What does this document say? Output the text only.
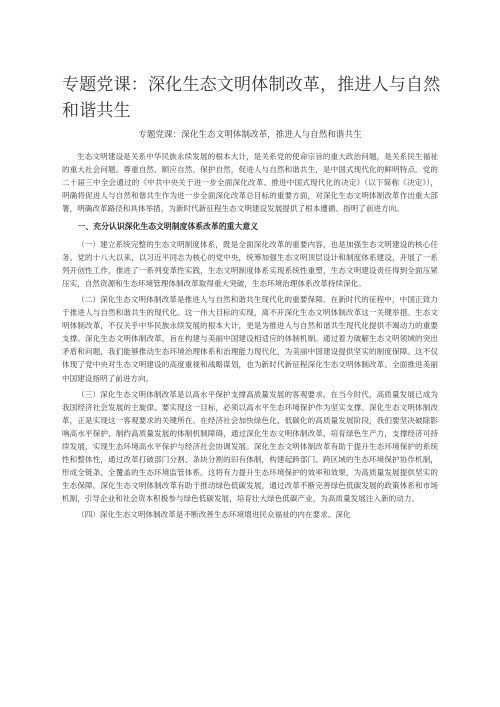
专题党课：深化生态文明体制改革，推进人与自然和谐共生
专题党课：深化生态文明体制改革，推进人与自然和谐共生

生态文明建设是关系中华民族永续发展的根本大计，是关系党的使命宗旨的重大政治问题，是关系民生福祉的重大社会问题。尊重自然、顺应自然、保护自然，促进人与自然和谐共生，是中国式现代化的鲜明特点。党的二十届三中全会通过的《中共中央关于进一步全面深化改革、推进中国式现代化的决定》（以下简称《决定》），明确将促进人与自然和谐共生作为进一步全面深化改革总目标的重要方面，对深化生态文明体制改革作出重大部署，明确改革路径和具体举措，为新时代新征程生态文明建设发展提供了根本遵循、指明了前进方向。

一、充分认识深化生态文明制度体系改革的重大意义

（一）建立系统完整的生态文明制度体系，既是全面深化改革的重要内容，也是加强生态文明建设的核心任务。党的十八大以来，以习近平同志为核心的党中央，统筹加强生态文明顶层设计和制度体系建设，开展了一系列开创性工作、推进了一系列变革性实践，生态文明制度体系实现系统性重塑，生态文明建设责任得到全面压紧压实，自然资源和生态环境管理体制改革取得重大突破，生态环境治理体系改革持续深化。

（二）深化生态文明体制改革是推进人与自然和谐共生现代化的重要保障。在新时代的征程中，中国正致力于推进人与自然和谐共生的现代化。这一伟大目标的实现，离不开深化生态文明体制改革这一关键举措。生态文明体制改革，不仅关乎中华民族永续发展的根本大计，更是为推进人与自然和谐共生现代化提供不竭动力的重要支撑。深化生态文明体制改革，旨在构建与美丽中国建设相适应的体制机制。通过着力破解生态文明领域的突出矛盾和问题，我们能够推动生态环境治理体系和治理能力现代化，为美丽中国建设提供坚实的制度保障。这不仅体现了党中央对生态文明建设的高度重视和战略谋划，也为新时代新征程深化生态文明体制改革、全面推进美丽中国建设指明了前进方向。

（三）深化生态文明体制改革是以高水平保护支撑高质量发展的客观要求。在当今时代，高质量发展已成为我国经济社会发展的主旋律。要实现这一目标，必须以高水平生态环境保护作为坚实支撑。深化生态文明体制改革，正是实现这一客观要求的关键所在。在经济社会加快绿色化、低碳化的高质量发展阶段，我们要坚决破除影响高水平保护、制约高质量发展的体制机制障碍，通过深化生态文明体制改革，培育绿色生产力，支撑经济可持续发展，实现生态环境高水平保护与经济社会协调发展。深化生态文明体制改革有助于提升生态环境保护的系统性和整体性，通过改革打破部门分割、条块分割的旧有体制，构建起跨部门、跨区域的生态环境保护协作机制，形成全链条、全覆盖的生态环境监管体系。这将有力提升生态环境保护的效率和效果，为高质量发展提供坚实的生态保障。深化生态文明体制改革有助于推动绿色低碳发展，通过改革不断完善绿色低碳发展的政策体系和市场机制，引导企业和社会资本积极参与绿色低碳发展，培育壮大绿色低碳产业，为高质量发展注入新的动力。

（四）深化生态文明体制改革是不断改善生态环境增进民众福祉的内在要求。深化
